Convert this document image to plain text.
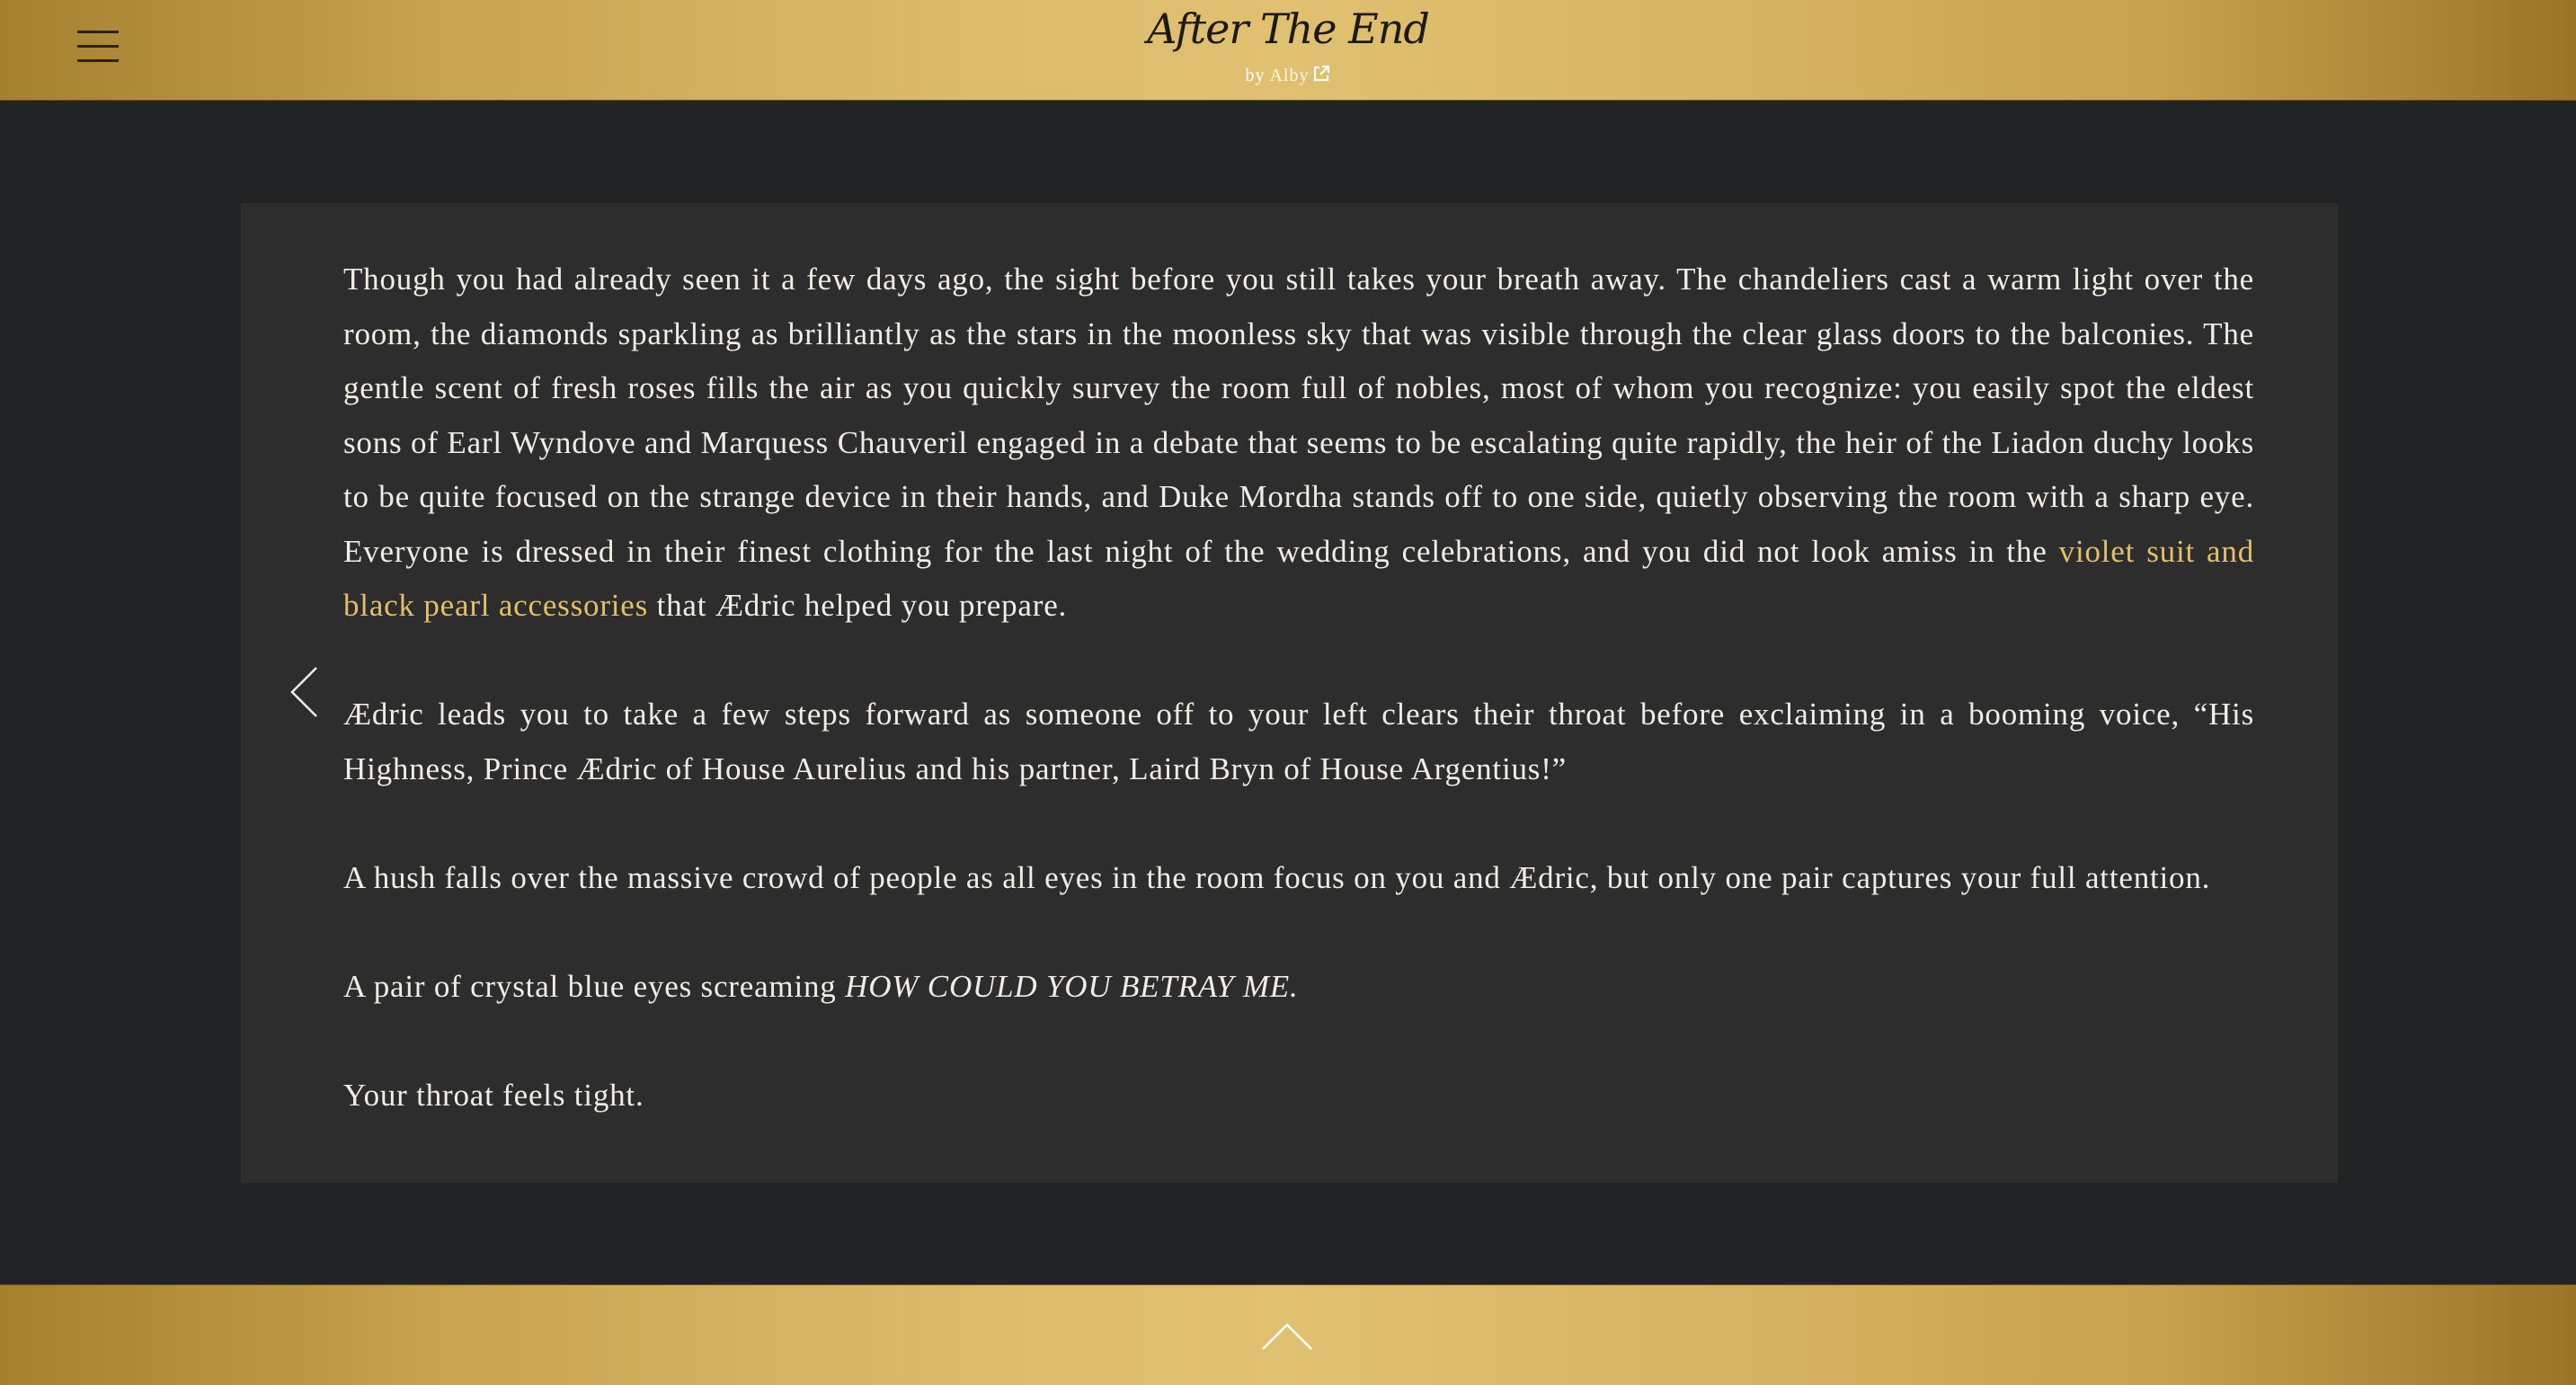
After The End
by Alby

Though you had already seen it a few days ago, the sight before you still takes your breath away. The chandeliers cast a warm light over the room, the diamonds sparkling as brilliantly as the stars in the moonless sky that was visible through the clear glass doors to the balconies. The gentle scent of fresh roses fills the air as you quickly survey the room full of nobles, most of whom you recognize: you easily spot the eldest sons of Earl Wyndove and Marquess Chauveril engaged in a debate that seems to be escalating quite rapidly, the heir of the Liadon duchy looks to be quite focused on the strange device in their hands, and Duke Mordha stands off to one side, quietly observing the room with a sharp eye. Everyone is dressed in their finest clothing for the last night of the wedding celebrations, and you did not look amiss in the violet suit and black pearl accessories that Ædric helped you prepare.

Ædric leads you to take a few steps forward as someone off to your left clears their throat before exclaiming in a booming voice, “His Highness, Prince Ædric of House Aurelius and his partner, Laird Bryn of House Argentius!”

A hush falls over the massive crowd of people as all eyes in the room focus on you and Ædric, but only one pair captures your full attention.

A pair of crystal blue eyes screaming HOW COULD YOU BETRAY ME.

Your throat feels tight.
